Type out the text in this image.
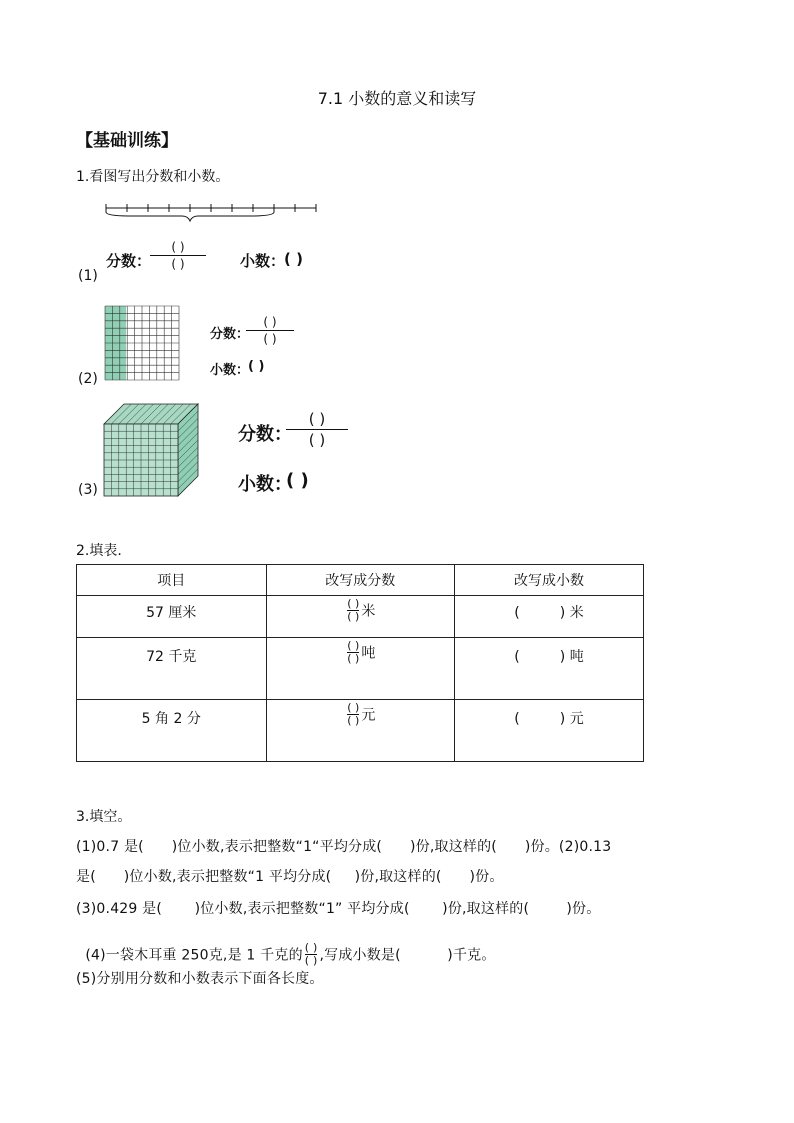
7.1 小数的意义和读写
【基础训练】
1.看图写出分数和小数。
分数：
( )
( )	小数：
( )
(1)
分数：
( )
( )
小数：
( )
(2)
分数：
( )
( )
小数：
( )
(3)
2.填表.
项目	改写成分数	改写成小数
57 厘米	$\frac{( )}{( )}$ 米	(         ) 米
72 千克	$\frac{( )}{( )}$ 吨	(         ) 吨
5 角 2 分	$\frac{( )}{( )}$ 元	(         ) 元
3.填空。
(1)0.7 是(      )位小数,表示把整数“1“平均分成(      )份,取这样的(      )份。(2)0.13
是(      )位小数,表示把整数“1 平均分成(     )份,取这样的(      )份。
(3)0.429 是(       )位小数,表示把整数“1” 平均分成(       )份,取这样的(        )份。

(4)一袋木耳重 250克,是 1 千克的 $\frac{( )}{( )}$ ,写成小数是(          )千克。

(5)分别用分数和小数表示下面各长度。
